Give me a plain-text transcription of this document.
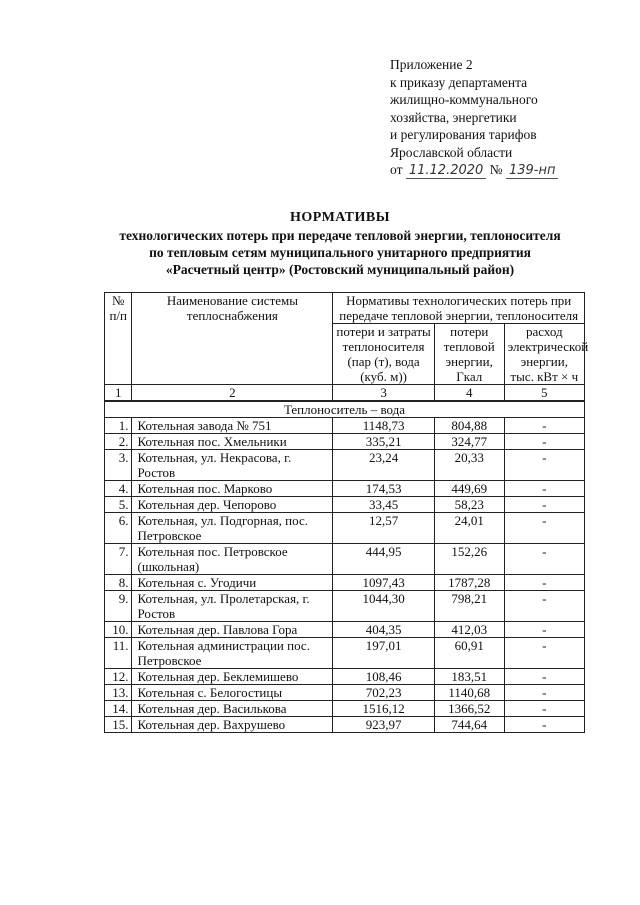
Приложение 2
к приказу департамента
жилищно-коммунального
хозяйства, энергетики
и регулирования тарифов
Ярославской области
от 11.12.2020 № 139-нп
НОРМАТИВЫ
технологических потерь при передаче тепловой энергии, теплоносителя
по тепловым сетям муниципального унитарного предприятия
«Расчетный центр» (Ростовский муниципальный район)
№ п/п	Наименование системы теплоснабжения	Нормативы технологических потерь при передаче тепловой энергии, теплоносителя		
		потери и затраты теплоносителя (пар (т), вода (куб. м))	потери тепловой энергии, Гкал	расход электрической энергии, тыс. кВт × ч
1	2	3	4	5
Теплоноситель – вода				
1.	Котельная завода № 751	1148,73	804,88	-
2.	Котельная пос. Хмельники	335,21	324,77	-
3.	Котельная, ул. Некрасова, г. Ростов	23,24	20,33	-
4.	Котельная пос. Марково	174,53	449,69	-
5.	Котельная дер. Чепорово	33,45	58,23	-
6.	Котельная, ул. Подгорная, пос. Петровское	12,57	24,01	-
7.	Котельная пос. Петровское (школьная)	444,95	152,26	-
8.	Котельная с. Угодичи	1097,43	1787,28	-
9.	Котельная, ул. Пролетарская, г. Ростов	1044,30	798,21	-
10.	Котельная дер. Павлова Гора	404,35	412,03	-
11.	Котельная администрации пос. Петровское	197,01	60,91	-
12.	Котельная дер. Беклемишево	108,46	183,51	-
13.	Котельная с. Белогостицы	702,23	1140,68	-
14.	Котельная дер. Василькова	1516,12	1366,52	-
15.	Котельная дер. Вахрушево	923,97	744,64	-
